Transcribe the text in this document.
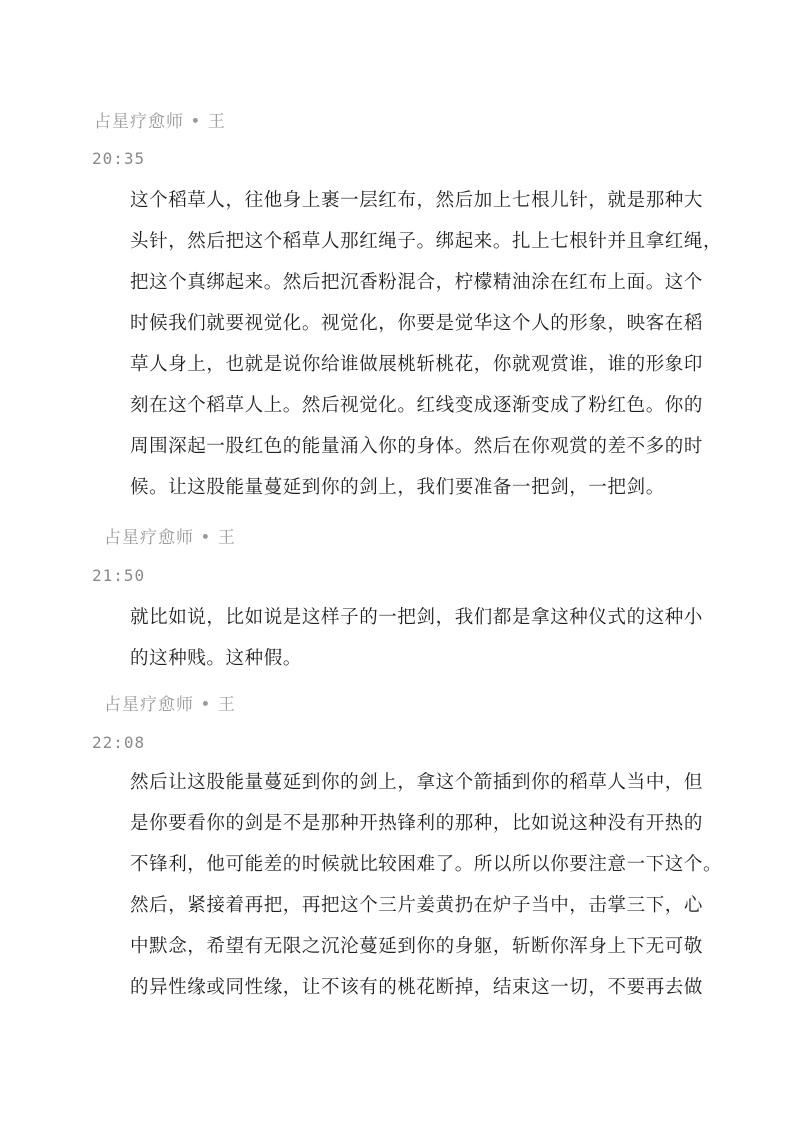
占星疗愈师 • 王
20:35
这个稻草人，往他身上裹一层红布，然后加上七根儿针，就是那种大
头针，然后把这个稻草人那红绳子。绑起来。扎上七根针并且拿红绳，
把这个真绑起来。然后把沉香粉混合，柠檬精油涂在红布上面。这个
时候我们就要视觉化。视觉化，你要是觉华这个人的形象，映客在稻
草人身上，也就是说你给谁做展桃斩桃花，你就观赏谁，谁的形象印
刻在这个稻草人上。然后视觉化。红线变成逐渐变成了粉红色。你的
周围深起一股红色的能量涌入你的身体。然后在你观赏的差不多的时
候。让这股能量蔓延到你的剑上，我们要准备一把剑，一把剑。
占星疗愈师 • 王
21:50
就比如说，比如说是这样子的一把剑，我们都是拿这种仪式的这种小
的这种贱。这种假。
占星疗愈师 • 王
22:08
然后让这股能量蔓延到你的剑上，拿这个箭插到你的稻草人当中，但
是你要看你的剑是不是那种开热锋利的那种，比如说这种没有开热的
不锋利，他可能差的时候就比较困难了。所以所以你要注意一下这个。
然后，紧接着再把，再把这个三片姜黄扔在炉子当中，击掌三下，心
中默念，希望有无限之沉沦蔓延到你的身躯，斩断你浑身上下无可敬
的异性缘或同性缘，让不该有的桃花断掉，结束这一切，不要再去做
